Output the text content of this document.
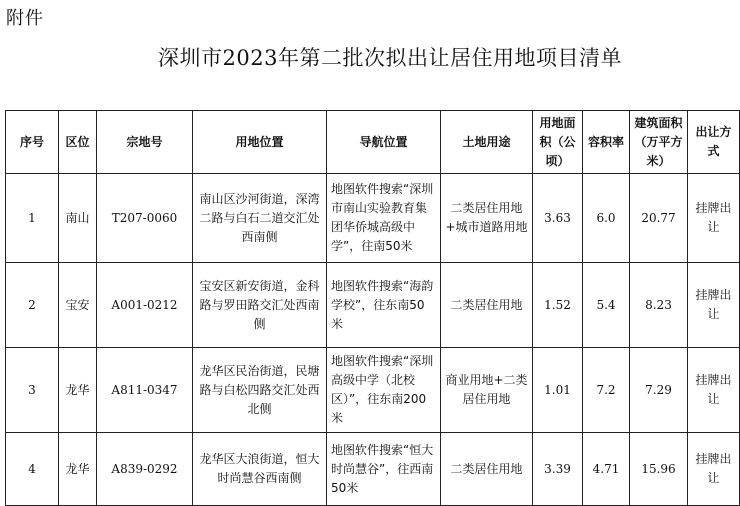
附件
深圳市2023年第二批次拟出让居住用地项目清单
序号	区位	宗地号	用地位置	导航位置	土地用途	用地面积（公顷）	容积率	建筑面积（万平方米）	出让方式
1	南山	T207-0060	南山区沙河街道，深湾二路与白石二道交汇处西南侧	地图软件搜索“深圳市南山实验教育集团华侨城高级中学”，往南50米	二类居住用地+城市道路用地	3.63	6.0	20.77	挂牌出让
2	宝安	A001-0212	宝安区新安街道，金科路与罗田路交汇处西南侧	地图软件搜索“海韵学校”，往东南50米	二类居住用地	1.52	5.4	8.23	挂牌出让
3	龙华	A811-0347	龙华区民治街道，民塘路与白松四路交汇处西北侧	地图软件搜索“深圳高级中学（北校区）”，往东南200米	商业用地+二类居住用地	1.01	7.2	7.29	挂牌出让
4	龙华	A839-0292	龙华区大浪街道，恒大时尚慧谷西南侧	地图软件搜索“恒大时尚慧谷”，往西南50米	二类居住用地	3.39	4.71	15.96	挂牌出让
